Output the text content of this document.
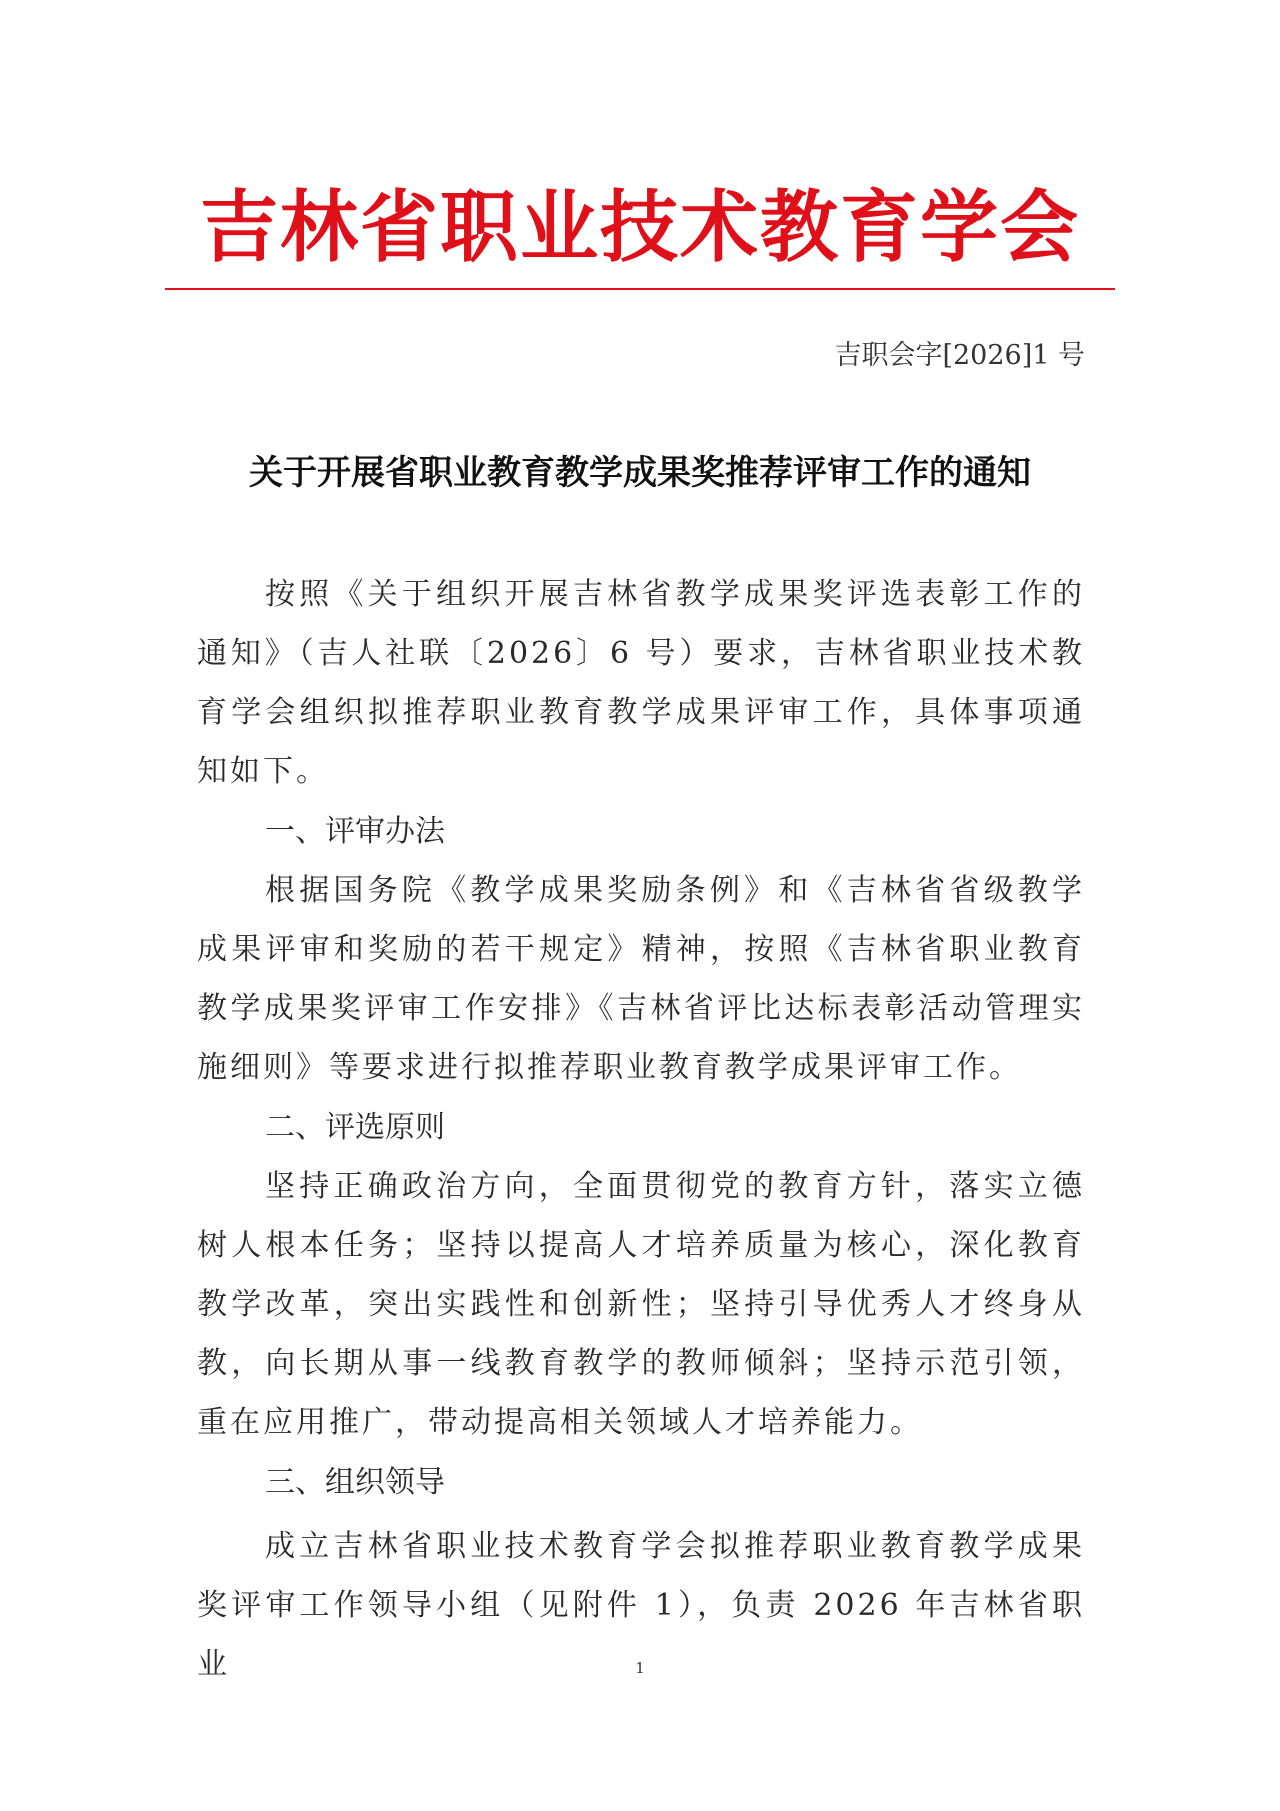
吉林省职业技术教育学会
吉职会字[2026]1 号
关于开展省职业教育教学成果奖推荐评审工作的通知
按照《关于组织开展吉林省教学成果奖评选表彰工作的通知》（吉人社联〔2026〕6 号）要求，吉林省职业技术教育学会组织拟推荐职业教育教学成果评审工作，具体事项通知如下。
一、评审办法
根据国务院《教学成果奖励条例》和《吉林省省级教学成果评审和奖励的若干规定》精神，按照《吉林省职业教育教学成果奖评审工作安排》《吉林省评比达标表彰活动管理实施细则》等要求进行拟推荐职业教育教学成果评审工作。
二、评选原则
坚持正确政治方向，全面贯彻党的教育方针，落实立德树人根本任务；坚持以提高人才培养质量为核心，深化教育教学改革，突出实践性和创新性；坚持引导优秀人才终身从教，向长期从事一线教育教学的教师倾斜；坚持示范引领，重在应用推广，带动提高相关领域人才培养能力。
三、组织领导
成立吉林省职业技术教育学会拟推荐职业教育教学成果奖评审工作领导小组（见附件 1），负责 2026 年吉林省职业	1
